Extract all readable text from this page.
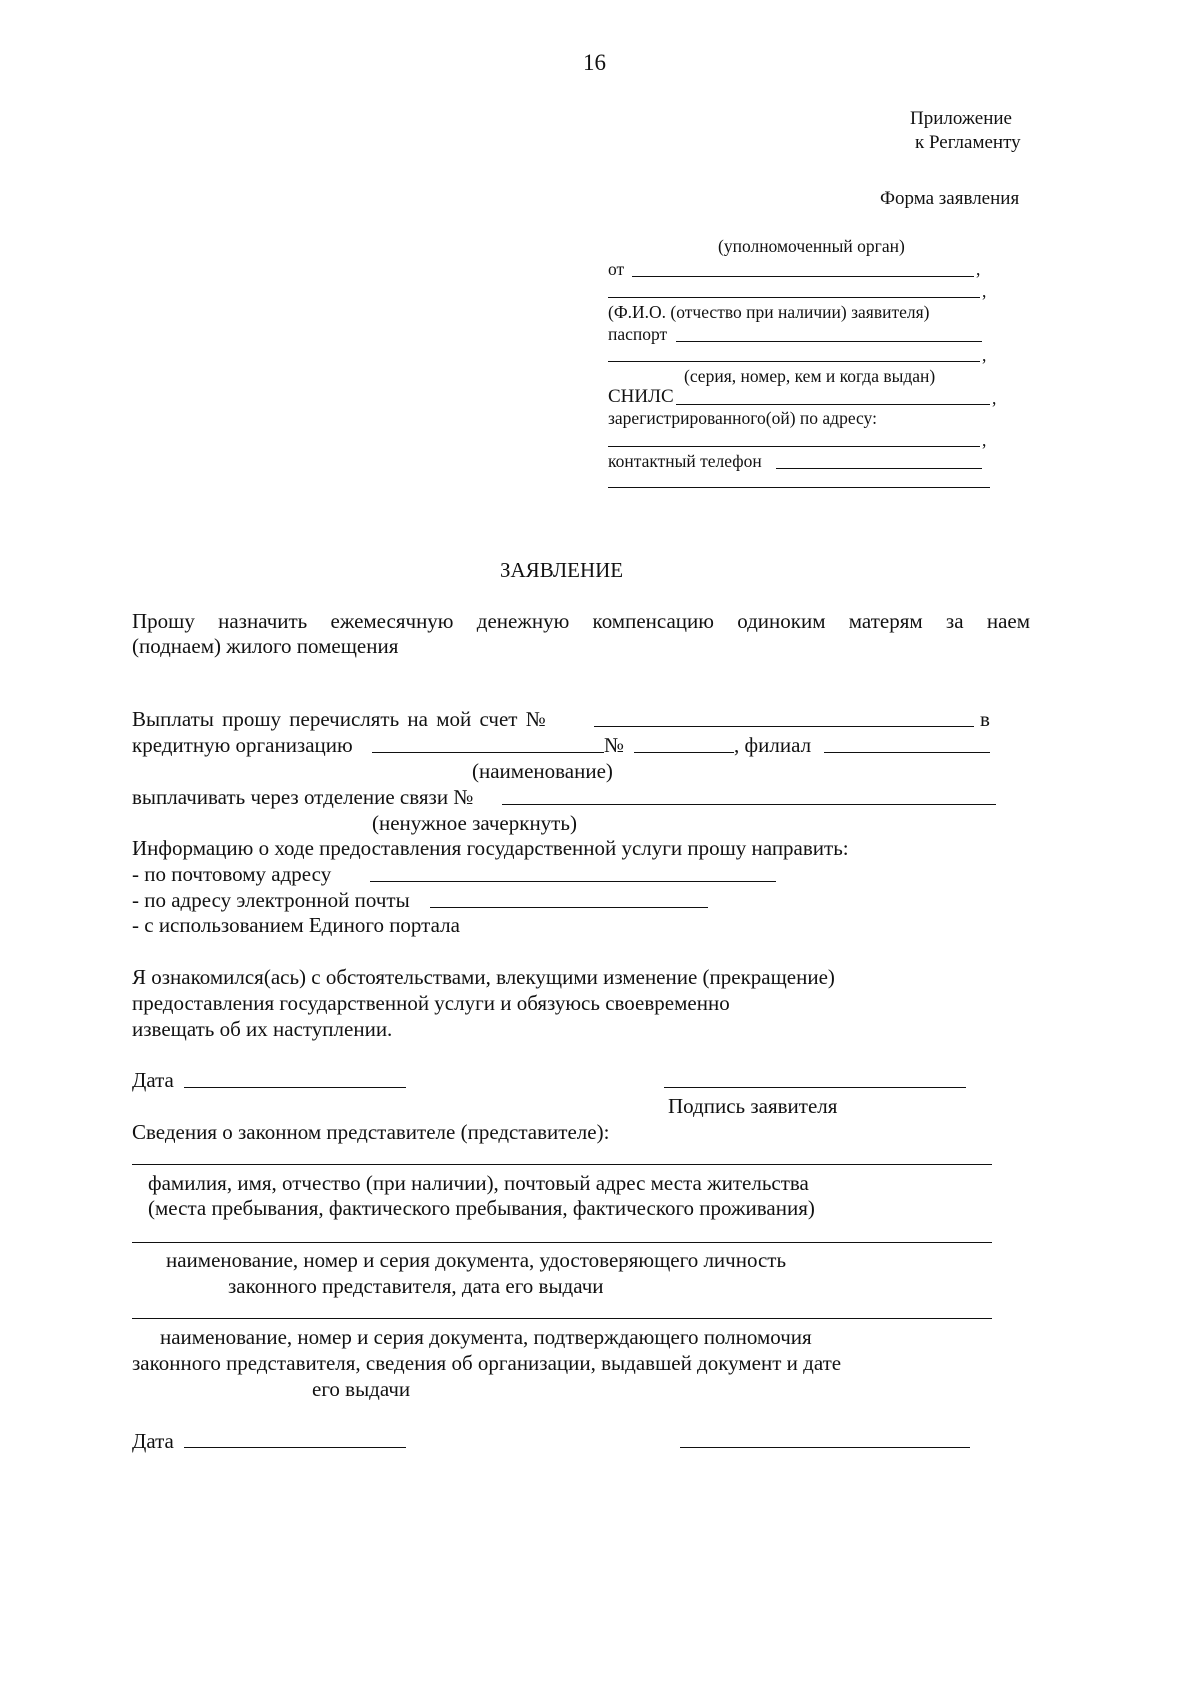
16
Приложение
к Регламенту
Форма заявления
(уполномоченный орган)
от	,
,
(Ф.И.О. (отчество при наличии) заявителя)
паспорт
,
(серия, номер, кем и когда выдан)
СНИЛС	,
зарегистрированного(ой) по адресу:
,
контактный телефон
ЗАЯВЛЕНИЕ
Прошу назначить ежемесячную денежную компенсацию одиноким матерям за наем
(поднаем) жилого помещения
Выплаты прошу перечислять на мой счет №	в
кредитную организацию	№	, филиал
(наименование)
выплачивать через отделение связи №
(ненужное зачеркнуть)
Информацию о ходе предоставления государственной услуги прошу направить:
- по почтовому адресу
- по адресу электронной почты
- с использованием Единого портала
Я ознакомился(ась) с обстоятельствами, влекущими изменение (прекращение)
предоставления государственной услуги и обязуюсь своевременно
извещать об их наступлении.
Дата
Подпись заявителя
Сведения о законном представителе (представителе):
фамилия, имя, отчество (при наличии), почтовый адрес места жительства
(места пребывания, фактического пребывания, фактического проживания)
наименование, номер и серия документа, удостоверяющего личность
законного представителя, дата его выдачи
наименование, номер и серия документа, подтверждающего полномочия
законного представителя, сведения об организации, выдавшей документ и дате
его выдачи
Дата
